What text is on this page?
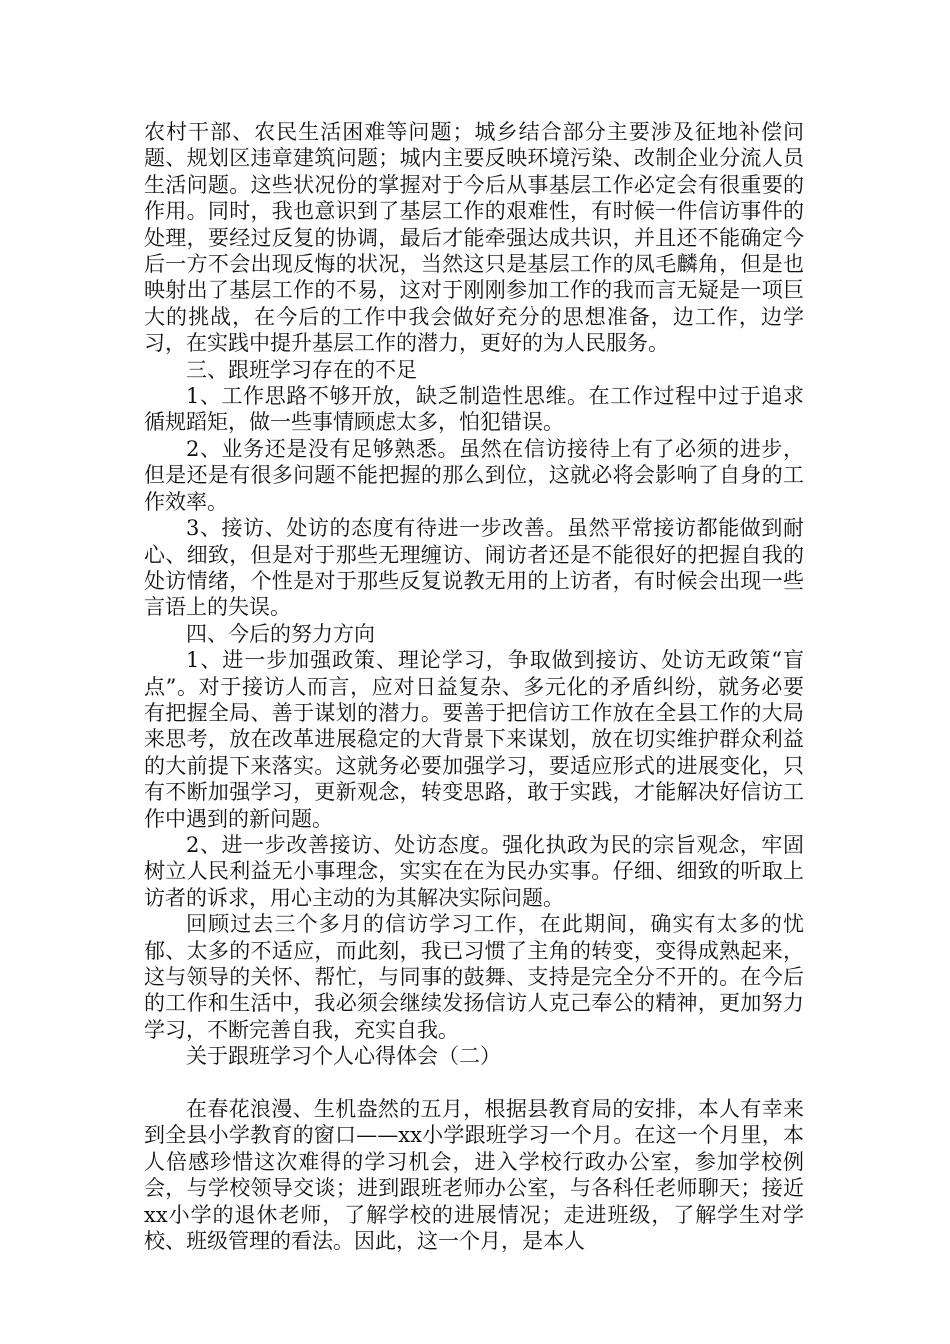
农村干部、农民生活困难等问题；城乡结合部分主要涉及征地补偿问题、规划区违章建筑问题；城内主要反映环境污染、改制企业分流人员生活问题。这些状况份的掌握对于今后从事基层工作必定会有很重要的作用。同时，我也意识到了基层工作的艰难性，有时候一件信访事件的处理，要经过反复的协调，最后才能牵强达成共识，并且还不能确定今后一方不会出现反悔的状况，当然这只是基层工作的凤毛麟角，但是也映射出了基层工作的不易，这对于刚刚参加工作的我而言无疑是一项巨大的挑战，在今后的工作中我会做好充分的思想准备，边工作，边学习，在实践中提升基层工作的潜力，更好的为人民服务。

三、跟班学习存在的不足

1、工作思路不够开放，缺乏制造性思维。在工作过程中过于追求循规蹈矩，做一些事情顾虑太多，怕犯错误。

2、业务还是没有足够熟悉。虽然在信访接待上有了必须的进步，但是还是有很多问题不能把握的那么到位，这就必将会影响了自身的工作效率。

3、接访、处访的态度有待进一步改善。虽然平常接访都能做到耐心、细致，但是对于那些无理缠访、闹访者还是不能很好的把握自我的处访情绪，个性是对于那些反复说教无用的上访者，有时候会出现一些言语上的失误。

四、今后的努力方向

1、进一步加强政策、理论学习，争取做到接访、处访无政策“盲点”。对于接访人而言，应对日益复杂、多元化的矛盾纠纷，就务必要有把握全局、善于谋划的潜力。要善于把信访工作放在全县工作的大局来思考，放在改革进展稳定的大背景下来谋划，放在切实维护群众利益的大前提下来落实。这就务必要加强学习，要适应形式的进展变化，只有不断加强学习，更新观念，转变思路，敢于实践，才能解决好信访工作中遇到的新问题。

2、进一步改善接访、处访态度。强化执政为民的宗旨观念，牢固树立人民利益无小事理念，实实在在为民办实事。仔细、细致的听取上访者的诉求，用心主动的为其解决实际问题。

回顾过去三个多月的信访学习工作，在此期间，确实有太多的忧郁、太多的不适应，而此刻，我已习惯了主角的转变，变得成熟起来，这与领导的关怀、帮忙，与同事的鼓舞、支持是完全分不开的。在今后的工作和生活中，我必须会继续发扬信访人克己奉公的精神，更加努力学习，不断完善自我，充实自我。

关于跟班学习个人心得体会（二）

在春花浪漫、生机盎然的五月，根据县教育局的安排，本人有幸来到全县小学教育的窗口——xx小学跟班学习一个月。在这一个月里，本人倍感珍惜这次难得的学习机会，进入学校行政办公室，参加学校例会，与学校领导交谈；进到跟班老师办公室，与各科任老师聊天；接近xx小学的退休老师，了解学校的进展情况；走进班级，了解学生对学校、班级管理的看法。因此，这一个月，是本人
